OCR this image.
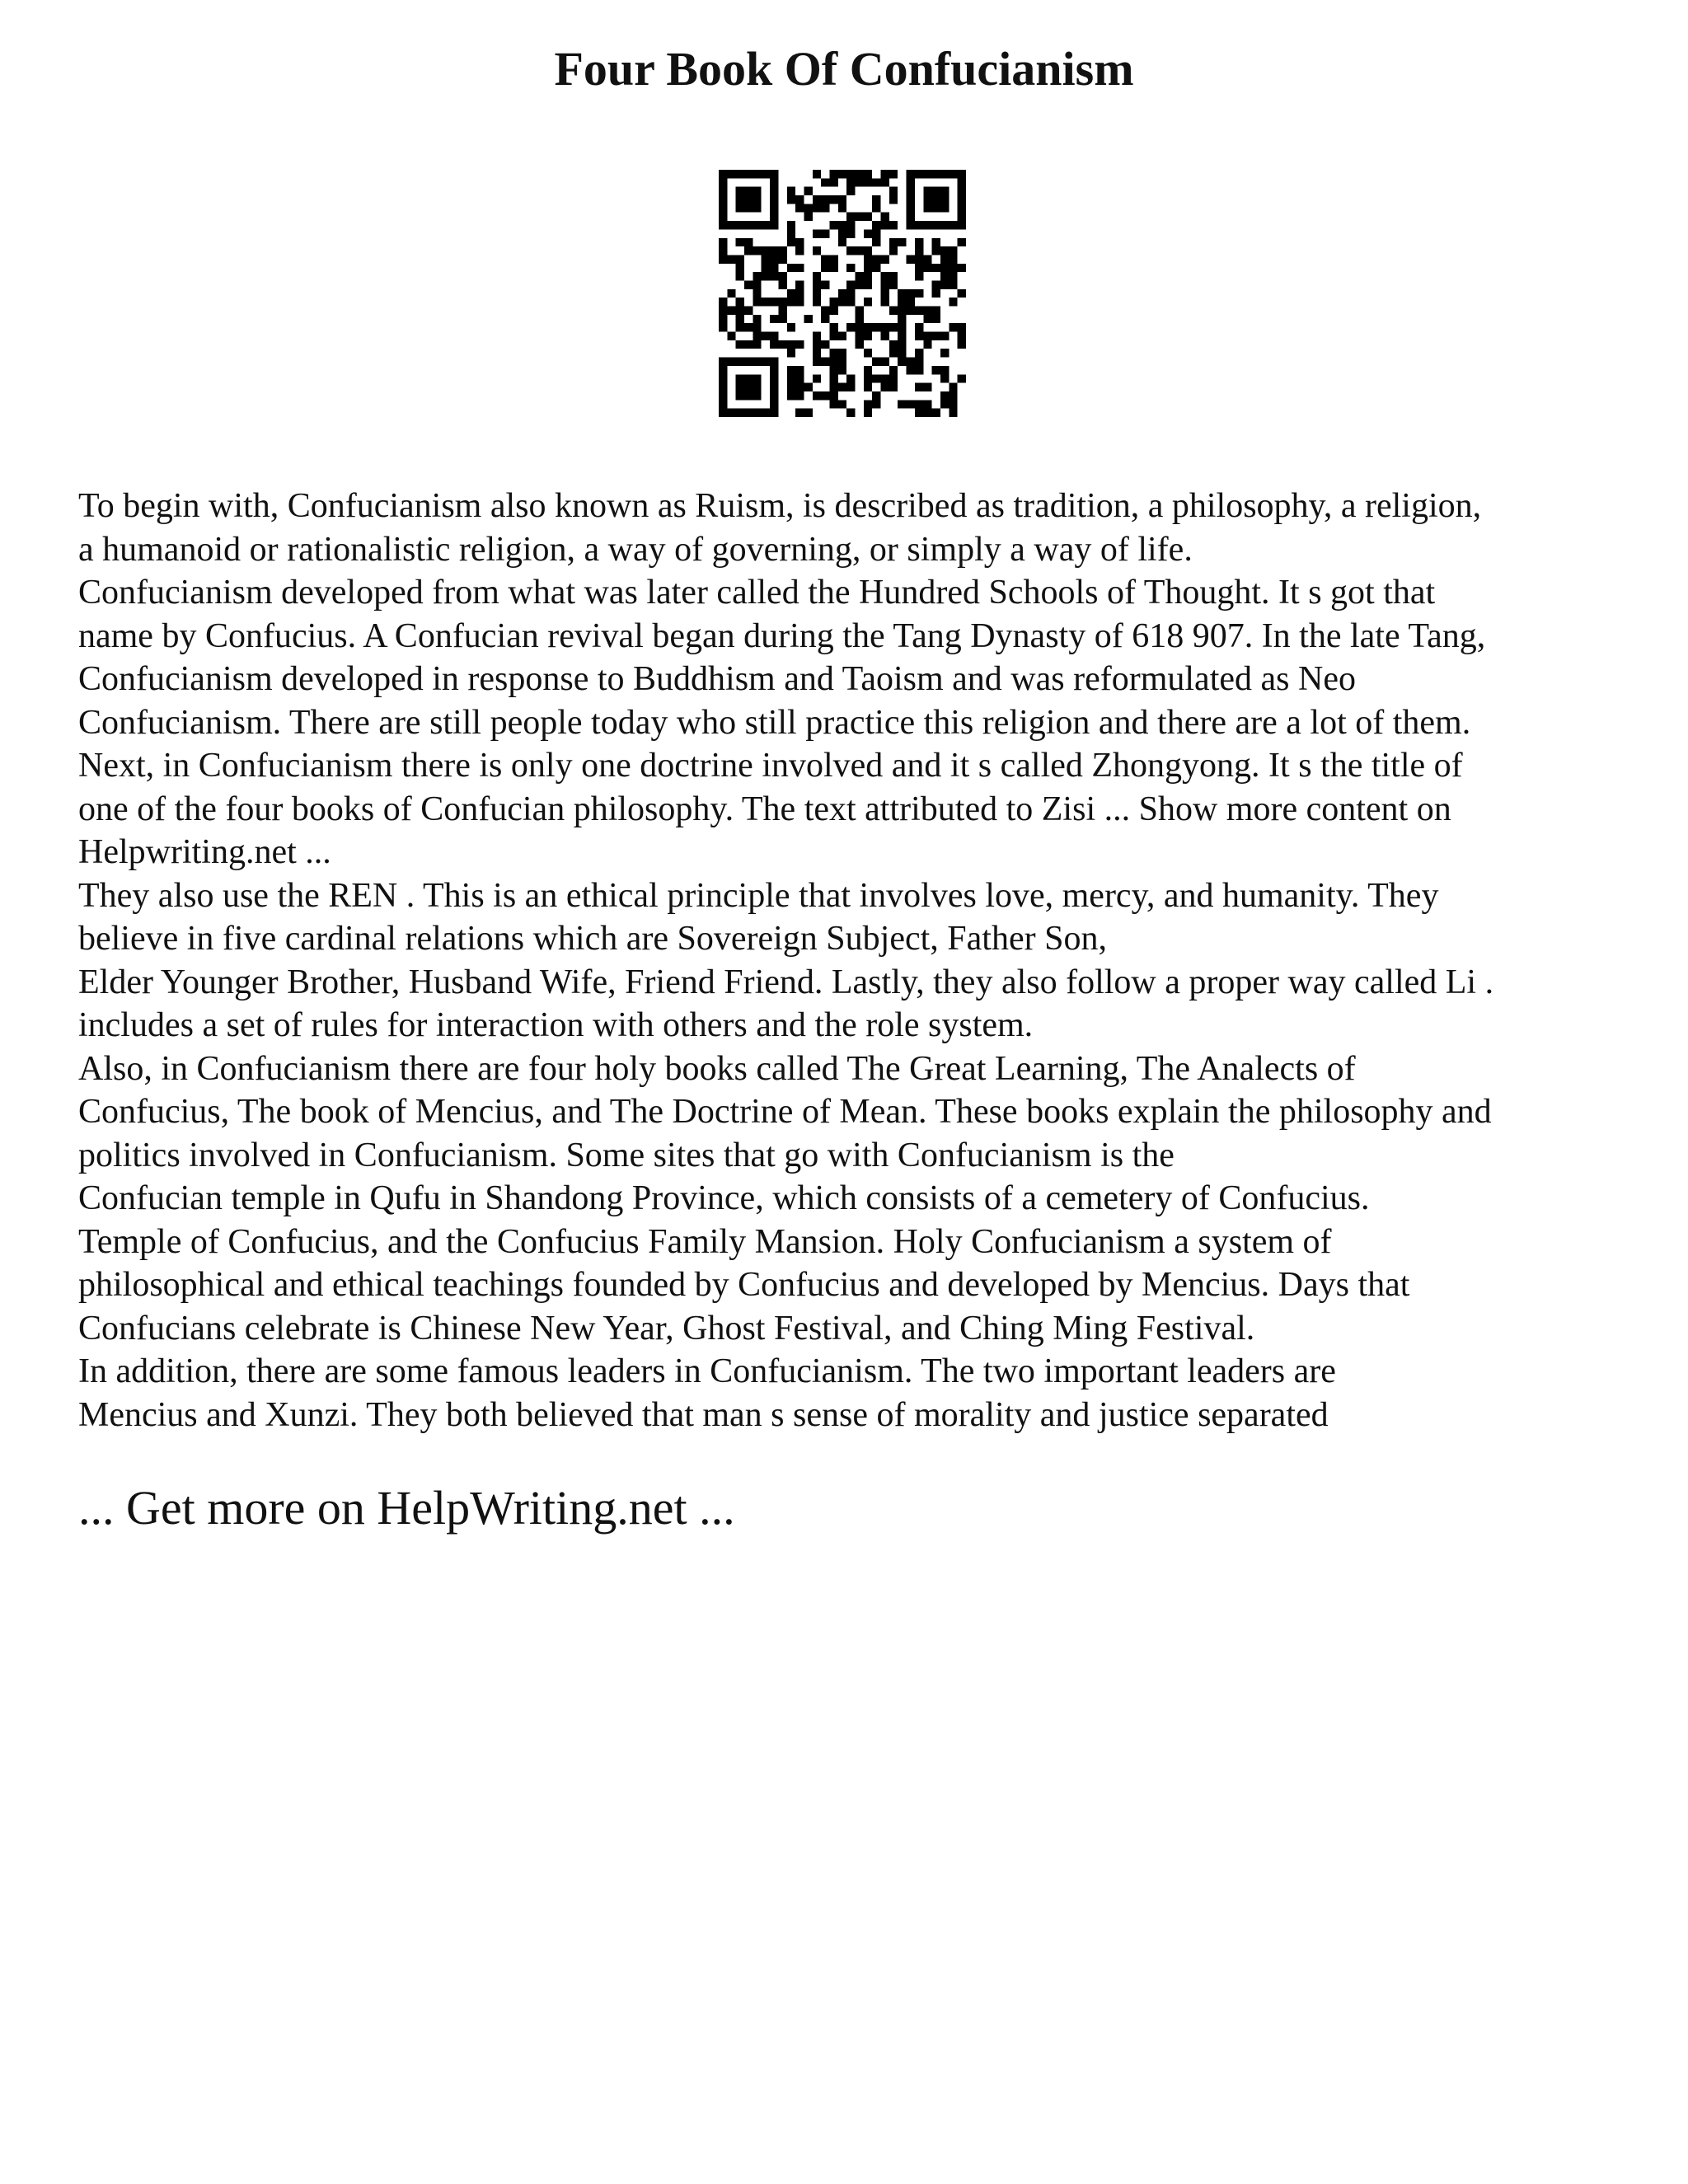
Four Book Of Confucianism
To begin with, Confucianism also known as Ruism, is described as tradition, a philosophy, a religion,
a humanoid or rationalistic religion, a way of governing, or simply a way of life.
Confucianism developed from what was later called the Hundred Schools of Thought. It s got that
name by Confucius. A Confucian revival began during the Tang Dynasty of 618 907. In the late Tang,
Confucianism developed in response to Buddhism and Taoism and was reformulated as Neo
Confucianism. There are still people today who still practice this religion and there are a lot of them.
Next, in Confucianism there is only one doctrine involved and it s called Zhongyong. It s the title of
one of the four books of Confucian philosophy. The text attributed to Zisi ... Show more content on
Helpwriting.net ...
They also use the REN . This is an ethical principle that involves love, mercy, and humanity. They
believe in five cardinal relations which are Sovereign Subject, Father Son,
Elder Younger Brother, Husband Wife, Friend Friend. Lastly, they also follow a proper way called Li .
includes a set of rules for interaction with others and the role system.
Also, in Confucianism there are four holy books called The Great Learning, The Analects of
Confucius, The book of Mencius, and The Doctrine of Mean. These books explain the philosophy and
politics involved in Confucianism. Some sites that go with Confucianism is the
Confucian temple in Qufu in Shandong Province, which consists of a cemetery of Confucius.
Temple of Confucius, and the Confucius Family Mansion. Holy Confucianism a system of
philosophical and ethical teachings founded by Confucius and developed by Mencius. Days that
Confucians celebrate is Chinese New Year, Ghost Festival, and Ching Ming Festival.
In addition, there are some famous leaders in Confucianism. The two important leaders are
Mencius and Xunzi. They both believed that man s sense of morality and justice separated

... Get more on HelpWriting.net ...
